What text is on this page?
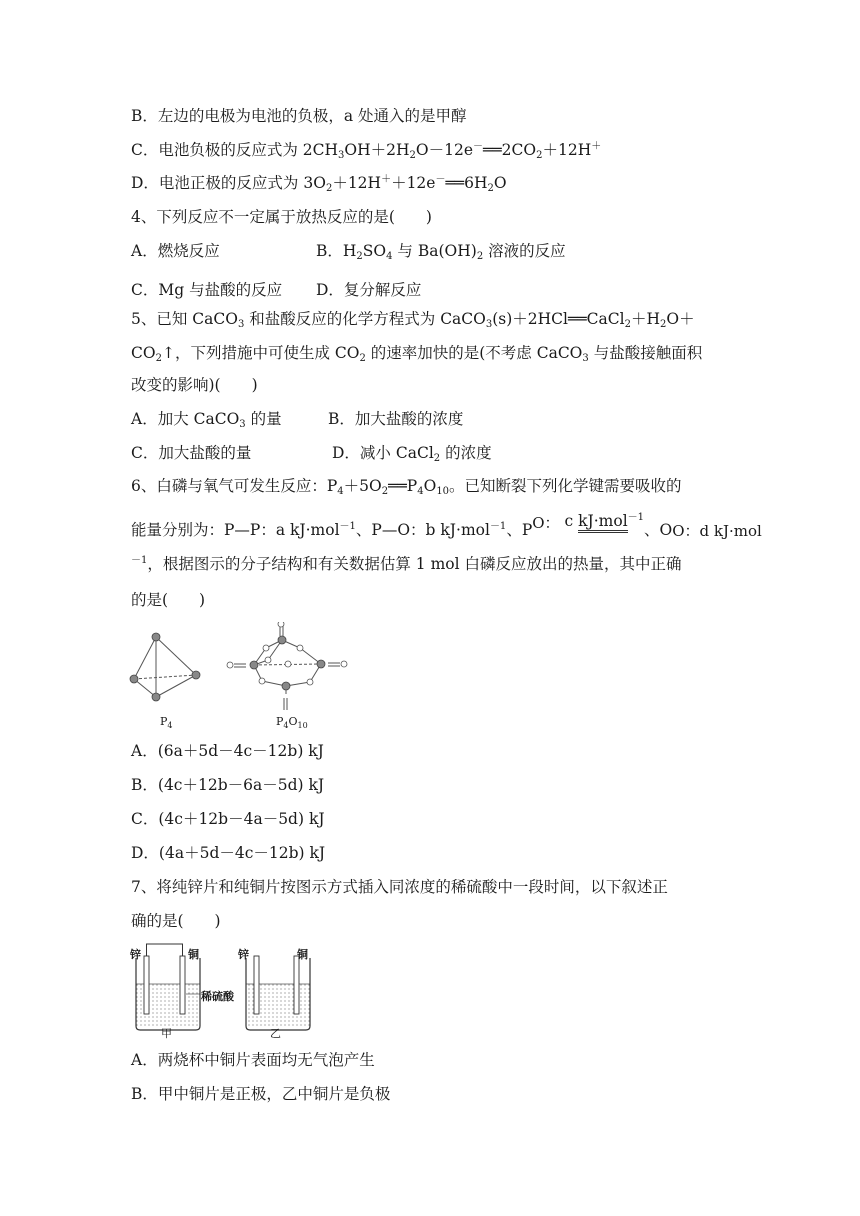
B．左边的电极为电池的负极，a 处通入的是甲醇
C．电池负极的反应式为 $2CH_3OH+2H_2O-12e^-══2CO_2+12H^+$
D．电池正极的反应式为 $3O_2+12H^++12e^-══6H_2O$
4、下列反应不一定属于放热反应的是(　　)
A．燃烧反应	B．$H_2SO_4$ 与 $Ba(OH)_2$ 溶液的反应
C．Mg 与盐酸的反应 D．复分解反应
5、已知 CaCO$_3$ 和盐酸反应的化学方程式为 $CaCO_3(s)+2HCl══CaCl_2+H_2O+$
$CO_2↑$，下列措施中可使生成 $CO_2$ 的速率加快的是(不考虑 CaCO$_3$ 与盐酸接触面积
改变的影响)(　　)
A．加大 CaCO$_3$ 的量	B．加大盐酸的浓度
C．加大盐酸的量	D．减小 CaCl$_2$ 的浓度
6、白磷与氧气可发生反应：$P_4+5O_2══P_4O_{10}$。已知断裂下列化学键需要吸收的
能量分别为：P—P：a kJ·mol$^{-1}$、P—O：b kJ·mol$^{-1}$、$P^{O:}$ c kJ·mol$^{-1}$、$O_{O:d kJ\cdot mol}$
$^{-1}$，根据图示的分子结构和有关数据估算 1 mol 白磷反应放出的热量，其中正确
的是(　　)
$P_4$	$P_4O_{10}$
A．(6a＋5d－4c－12b) kJ
B．(4c＋12b－6a－5d) kJ
C．(4c＋12b－4a－5d) kJ
D．(4a＋5d－4c－12b) kJ
7、将纯锌片和纯铜片按图示方式插入同浓度的稀硫酸中一段时间，以下叙述正
确的是(　　)
锌	铜	锌	铜
稀硫酸
甲	乙
A．两烧杯中铜片表面均无气泡产生
B．甲中铜片是正极，乙中铜片是负极
